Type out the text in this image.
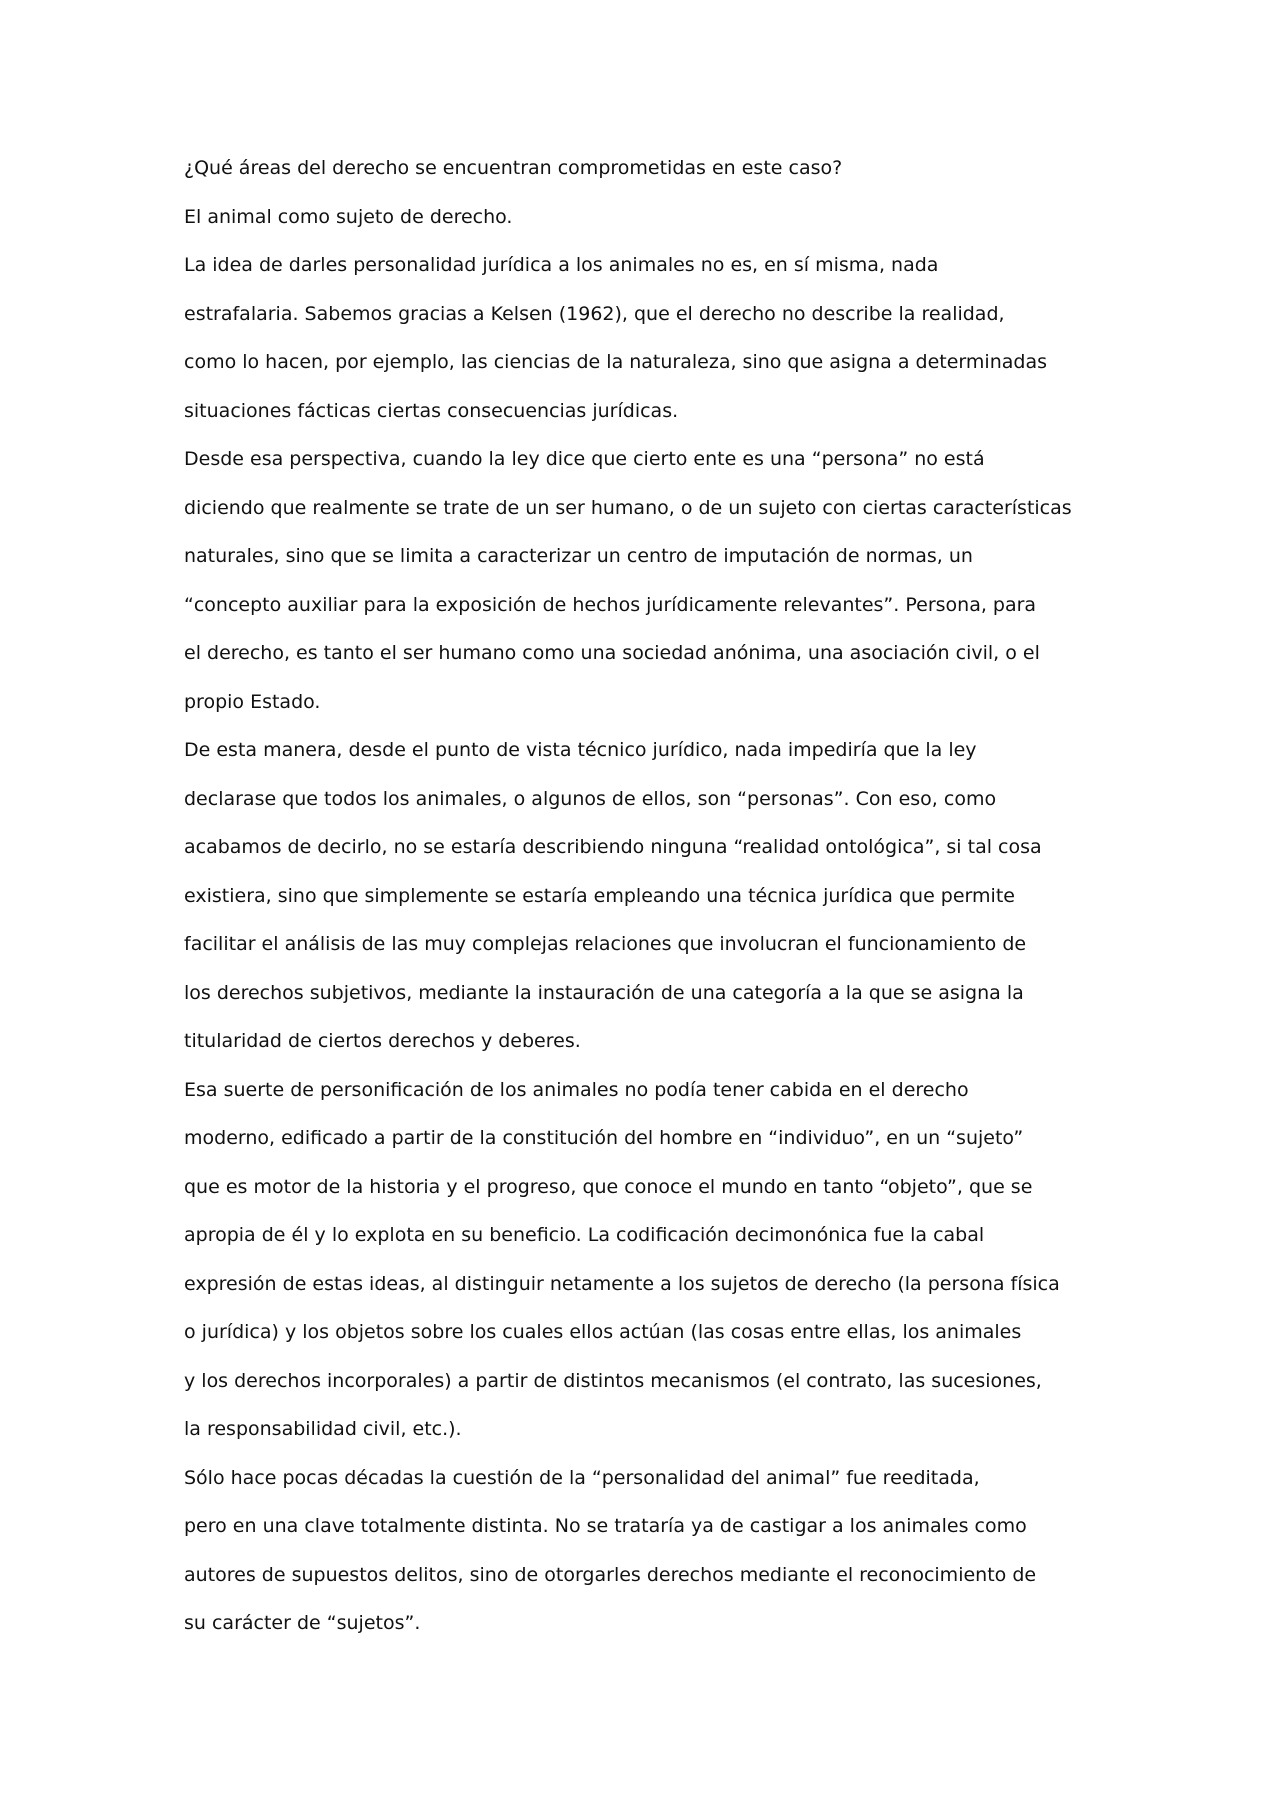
¿Qué áreas del derecho se encuentran comprometidas en este caso?

El animal como sujeto de derecho.

La idea de darles personalidad jurídica a los animales no es, en sí misma, nada

estrafalaria. Sabemos gracias a Kelsen (1962), que el derecho no describe la realidad,

como lo hacen, por ejemplo, las ciencias de la naturaleza, sino que asigna a determinadas

situaciones fácticas ciertas consecuencias jurídicas.

Desde esa perspectiva, cuando la ley dice que cierto ente es una “persona” no está

diciendo que realmente se trate de un ser humano, o de un sujeto con ciertas características

naturales, sino que se limita a caracterizar un centro de imputación de normas, un

“concepto auxiliar para la exposición de hechos jurídicamente relevantes”. Persona, para

el derecho, es tanto el ser humano como una sociedad anónima, una asociación civil, o el

propio Estado.

De esta manera, desde el punto de vista técnico jurídico, nada impediría que la ley

declarase que todos los animales, o algunos de ellos, son “personas”. Con eso, como

acabamos de decirlo, no se estaría describiendo ninguna “realidad ontológica”, si tal cosa

existiera, sino que simplemente se estaría empleando una técnica jurídica que permite

facilitar el análisis de las muy complejas relaciones que involucran el funcionamiento de

los derechos subjetivos, mediante la instauración de una categoría a la que se asigna la

titularidad de ciertos derechos y deberes.

Esa suerte de personificación de los animales no podía tener cabida en el derecho

moderno, edificado a partir de la constitución del hombre en “individuo”, en un “sujeto”

que es motor de la historia y el progreso, que conoce el mundo en tanto “objeto”, que se

apropia de él y lo explota en su beneficio. La codificación decimonónica fue la cabal

expresión de estas ideas, al distinguir netamente a los sujetos de derecho (la persona física

o jurídica) y los objetos sobre los cuales ellos actúan (las cosas entre ellas, los animales

y los derechos incorporales) a partir de distintos mecanismos (el contrato, las sucesiones,

la responsabilidad civil, etc.).

Sólo hace pocas décadas la cuestión de la “personalidad del animal” fue reeditada,

pero en una clave totalmente distinta. No se trataría ya de castigar a los animales como

autores de supuestos delitos, sino de otorgarles derechos mediante el reconocimiento de

su carácter de “sujetos”.
